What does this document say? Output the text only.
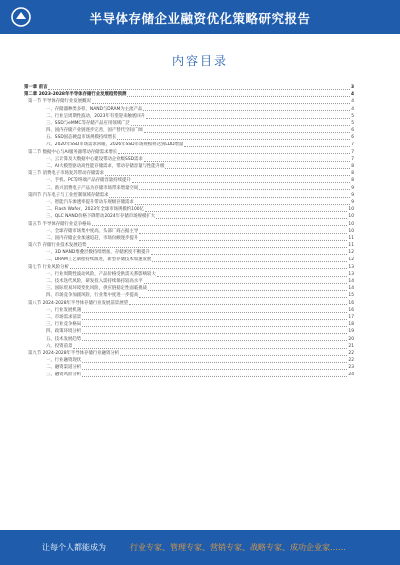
半导体存储企业融资优化策略研究报告
内容目录
第一章 前言	3
第二章 2023-2028年半导体存储行业发展趋势预测	4
第一节 半导体存储行业发展概况	4
一、存储器种类多样，NAND与DRAM为主流产品	4
二、行业呈周期性波动，2023年有望迎来触底回升	5
三、SSD与eMMC等存储产品应用领域广泛	5
四、国内存储产业链逐步完善，国产替代空间广阔	6
五、SSD固态硬盘市场规模持续增长	6
六、2020年SSD市场需求回暖，2026年SSD市场规模将达到LDD增量	7
第二节 数据中心与AI服务器带动存储需求增长	7
一、云计算及大数据中心建设带动企业级SSD需求	7
二、AI大模型驱动高性能存储需求，带动存储容量与性能升级	8
第三节 消费电子市场复苏带动存储需求	8
一、手机、PC等终端产品存储容量持续提升	8
二、新兴消费电子产品为存储市场带来增量空间	9
第四节 汽车电子与工业控制领域存储需求	9
一、智能汽车渗透率提升带动车规级存储需求	9
二、Flash Wafer，2023年全球市场规模约100亿	10
三、QLC NAND价格下降带动2024年存储市场规模扩大	10
第五节 半导体存储行业竞争格局	10
一、全球存储市场集中度高，头部厂商占据主导	10
二、国内存储企业加速追赶，市场份额逐步提升	11
第六节 存储行业技术发展趋势	11
一、3D NAND堆叠层数持续增加，存储密度不断提升	12
二、DRAM工艺制程持续演进，新型存储技术加速发展	12
第七节 行业风险分析	13
一、行业周期性波动风险，产品价格受供需关系影响较大	13
二、技术迭代风险，研发投入需持续保持较高水平	14
三、国际贸易环境变化风险，供应链稳定性面临挑战	14
四、市场竞争加剧风险，行业集中度进一步提高	15
第八节 2024-2028年半导体存储行业发展前景展望	16
一、行业发展机遇	16
二、市场需求前景	17
三、行业竞争格局	18
四、政策环境分析	19
五、技术发展趋势	20
六、投资前景	21
第九节 2024-2028年半导体存储行业融资分析	22
一、行业融资现状	22
二、融资渠道分析	23
三、融资风险分析	24
让每个人都能成为	行业专家、管理专家、营销专家、战略专家、成功企业家……
